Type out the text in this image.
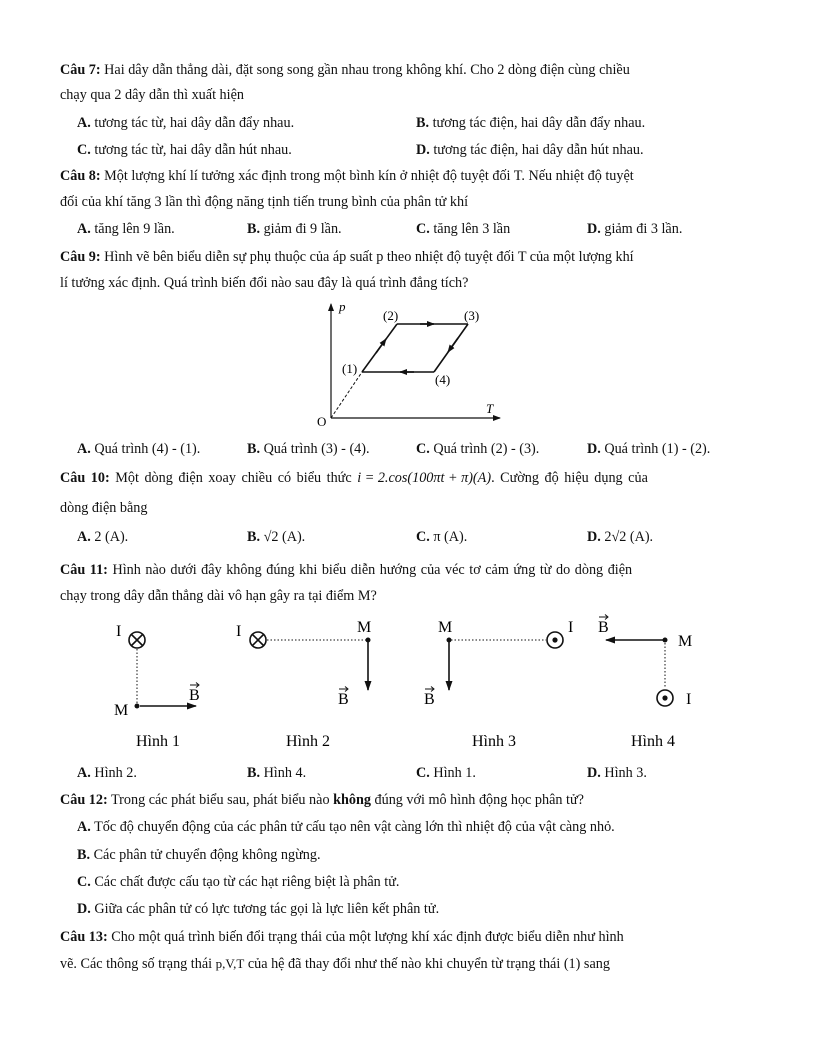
Câu 7: Hai dây dẫn thẳng dài, đặt song song gần nhau trong không khí. Cho 2 dòng điện cùng chiều
chạy qua 2 dây dẫn thì xuất hiện
A. tương tác từ, hai dây dẫn đẩy nhau.	B. tương tác điện, hai dây dẫn đẩy nhau.
C. tương tác từ, hai dây dẫn hút nhau.	D. tương tác điện, hai dây dẫn hút nhau.
Câu 8: Một lượng khí lí tưởng xác định trong một bình kín ở nhiệt độ tuyệt đối T. Nếu nhiệt độ tuyệt
đối của khí tăng 3 lần thì động năng tịnh tiến trung bình của phân tử khí
A. tăng lên 9 lần.	B. giảm đi 9 lần.	C. tăng lên 3 lần	D. giảm đi 3 lần.
Câu 9: Hình vẽ bên biểu diễn sự phụ thuộc của áp suất p theo nhiệt độ tuyệt đối T của một lượng khí
lí tưởng xác định. Quá trình biến đổi nào sau đây là quá trình đẳng tích?
p
T
O
(1)
(2)	(3)
(4)
A. Quá trình (4) - (1).	B. Quá trình (3) - (4).	C. Quá trình (2) - (3).	D. Quá trình (1) - (2).
Câu 10: Một dòng điện xoay chiều có biểu thức i = 2.cos(100πt + π)(A). Cường độ hiệu dụng của
dòng điện bằng
A. 2 (A).	B. √2 (A).	C. π (A).	D. 2√2 (A).
Câu 11: Hình nào dưới đây không đúng khi biểu diễn hướng của véc tơ cảm ứng từ do dòng điện
chạy trong dây dẫn thẳng dài vô hạn gây ra tại điểm M?
I
M
B
Hình 1
I	M
B
Hình 2
M	I
B
Hình 3
B
M
I
Hình 4
A. Hình 2.	B. Hình 4.	C. Hình 1.	D. Hình 3.
Câu 12: Trong các phát biểu sau, phát biểu nào không đúng với mô hình động học phân tử?
A. Tốc độ chuyển động của các phân tử cấu tạo nên vật càng lớn thì nhiệt độ của vật càng nhỏ.
B. Các phân tử chuyển động không ngừng.
C. Các chất được cấu tạo từ các hạt riêng biệt là phân tử.
D. Giữa các phân tử có lực tương tác gọi là lực liên kết phân tử.
Câu 13: Cho một quá trình biến đổi trạng thái của một lượng khí xác định được biểu diễn như hình
vẽ. Các thông số trạng thái p,V,T của hệ đã thay đổi như thế nào khi chuyển từ trạng thái (1) sang
